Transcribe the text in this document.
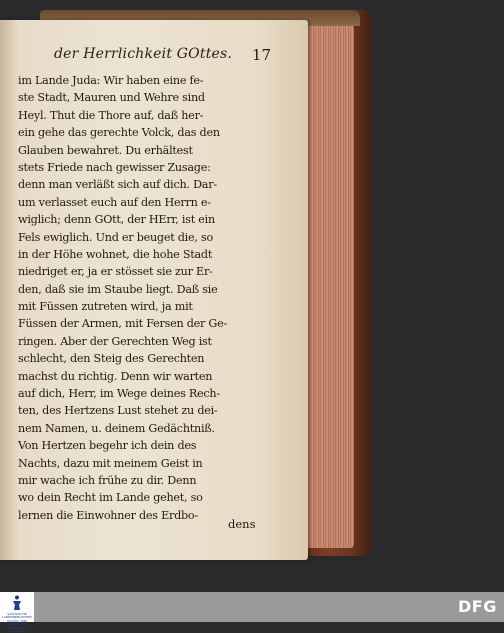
der Herrlichkeit GOttes. 17
im Lande Juda: Wir haben eine fe-
ste Stadt, Mauren und Wehre sind
Heyl. Thut die Thore auf, daß her-
ein gehe das gerechte Volck, das den
Glauben bewahret. Du erhältest
stets Friede nach gewisser Zusage:
denn man verläßt sich auf dich. Dar-
um verlasset euch auf den Herrn e-
wiglich; denn GOtt, der HErr, ist ein
Fels ewiglich. Und er beuget die, so
in der Höhe wohnet, die hohe Stadt
niedriget er, ja er stösset sie zur Er-
den, daß sie im Staube liegt. Daß sie
mit Füssen zutreten wird, ja mit
Füssen der Armen, mit Fersen der Ge-
ringen. Aber der Gerechten Weg ist
schlecht, den Steig des Gerechten
machst du richtig. Denn wir warten
auf dich, Herr, im Wege deines Rech-
ten, des Hertzens Lust stehet zu dei-
nem Namen, u. deinem Gedächtniß.
Von Hertzen begehr ich dein des
Nachts, dazu mit meinem Geist in
mir wache ich frühe zu dir. Denn
wo dein Recht im Lande gehet, so
lernen die Einwohner des Erdbo-
dens
SÄCHSISCHE
LANDESBIBLIOTHEK
STAATS- UND
UNIVERSITÄTS-
BIBLIOTHEK
DRESDEN
DFG
